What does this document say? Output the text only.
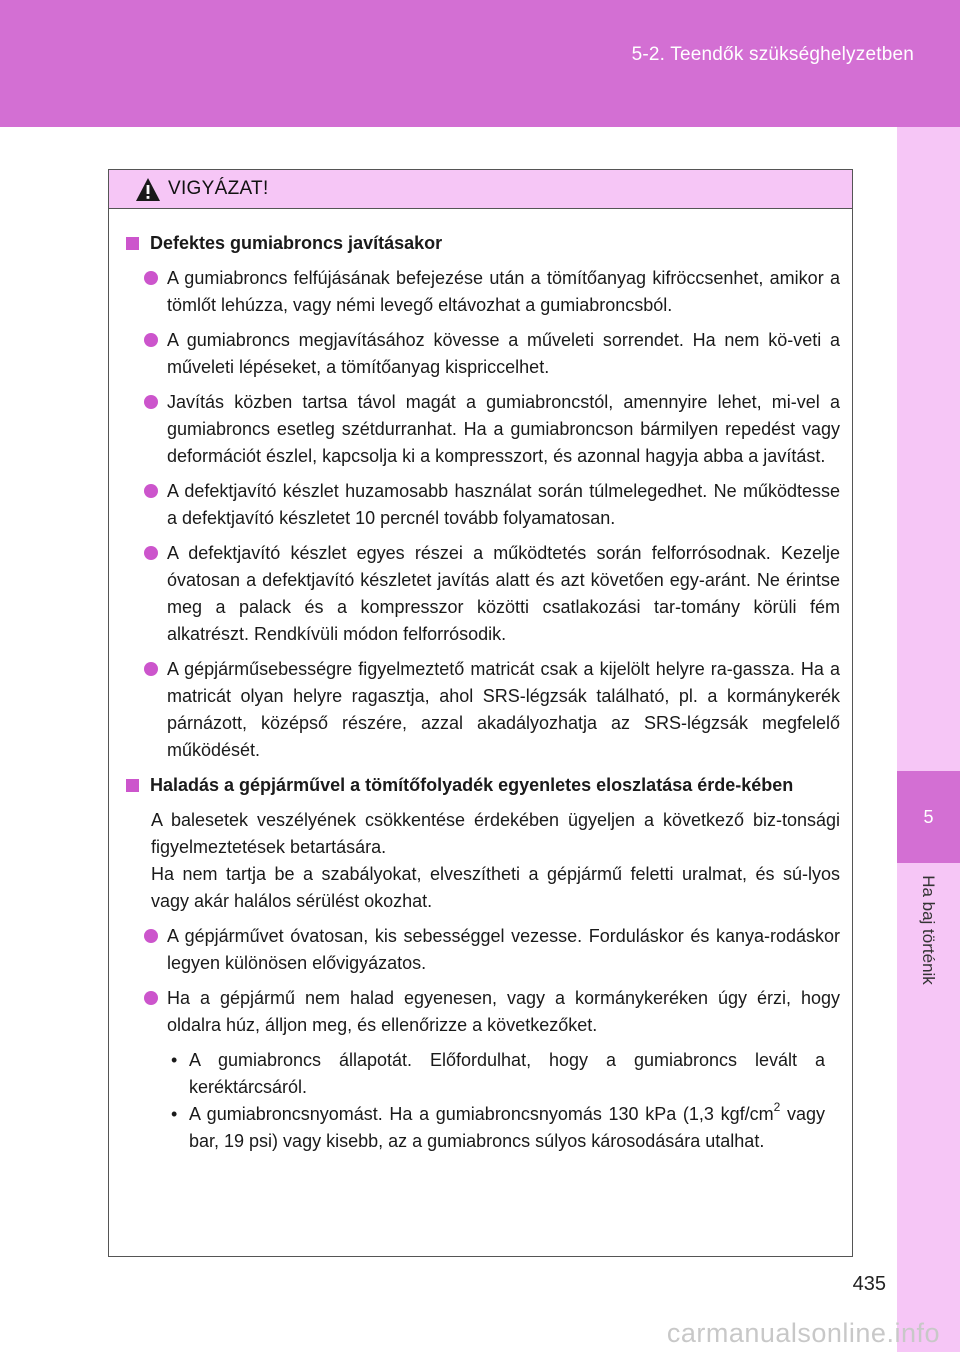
5-2. Teendők szükséghelyzetben
5
Ha baj történik
VIGYÁZAT!
Defektes gumiabroncs javításakor
A gumiabroncs felfújásának befejezése után a tömítőanyag kifröccsenhet, amikor a tömlőt lehúzza, vagy némi levegő eltávozhat a gumiabroncsból.
A gumiabroncs megjavításához kövesse a műveleti sorrendet. Ha nem kö-veti a műveleti lépéseket, a tömítőanyag kispriccelhet.
Javítás közben tartsa távol magát a gumiabroncstól, amennyire lehet, mi-vel a gumiabroncs esetleg szétdurranhat. Ha a gumiabroncson bármilyen repedést vagy deformációt észlel, kapcsolja ki a kompresszort, és azonnal hagyja abba a javítást.
A defektjavító készlet huzamosabb használat során túlmelegedhet. Ne működtesse a defektjavító készletet 10 percnél tovább folyamatosan.
A defektjavító készlet egyes részei a működtetés során felforrósodnak. Kezelje óvatosan a defektjavító készletet javítás alatt és azt követően egy-aránt. Ne érintse meg a palack és a kompresszor közötti csatlakozási tar-tomány körüli fém alkatrészt. Rendkívüli módon felforrósodik.
A gépjárműsebességre figyelmeztető matricát csak a kijelölt helyre ra-gassza. Ha a matricát olyan helyre ragasztja, ahol SRS-légzsák található, pl. a kormánykerék párnázott, középső részére, azzal akadályozhatja az SRS-légzsák megfelelő működését.
Haladás a gépjárművel a tömítőfolyadék egyenletes eloszlatása érde-kében

A balesetek veszélyének csökkentése érdekében ügyeljen a következő biz-tonsági figyelmeztetések betartására.

Ha nem tartja be a szabályokat, elveszítheti a gépjármű feletti uralmat, és sú-lyos vagy akár halálos sérülést okozhat.

A gépjárművet óvatosan, kis sebességgel vezesse. Forduláskor és kanya-rodáskor legyen különösen elővigyázatos.
Ha a gépjármű nem halad egyenesen, vagy a kormánykeréken úgy érzi, hogy oldalra húz, álljon meg, és ellenőrizze a következőket.
• A gumiabroncs állapotát. Előfordulhat, hogy a gumiabroncs levált a keréktárcsáról.
• A gumiabroncsnyomást. Ha a gumiabroncsnyomás 130 kPa (1,3 kgf/$cm^2$ vagy bar, 19 psi) vagy kisebb, az a gumiabroncs súlyos károsodására utalhat.
435
carmanualsonline.info
